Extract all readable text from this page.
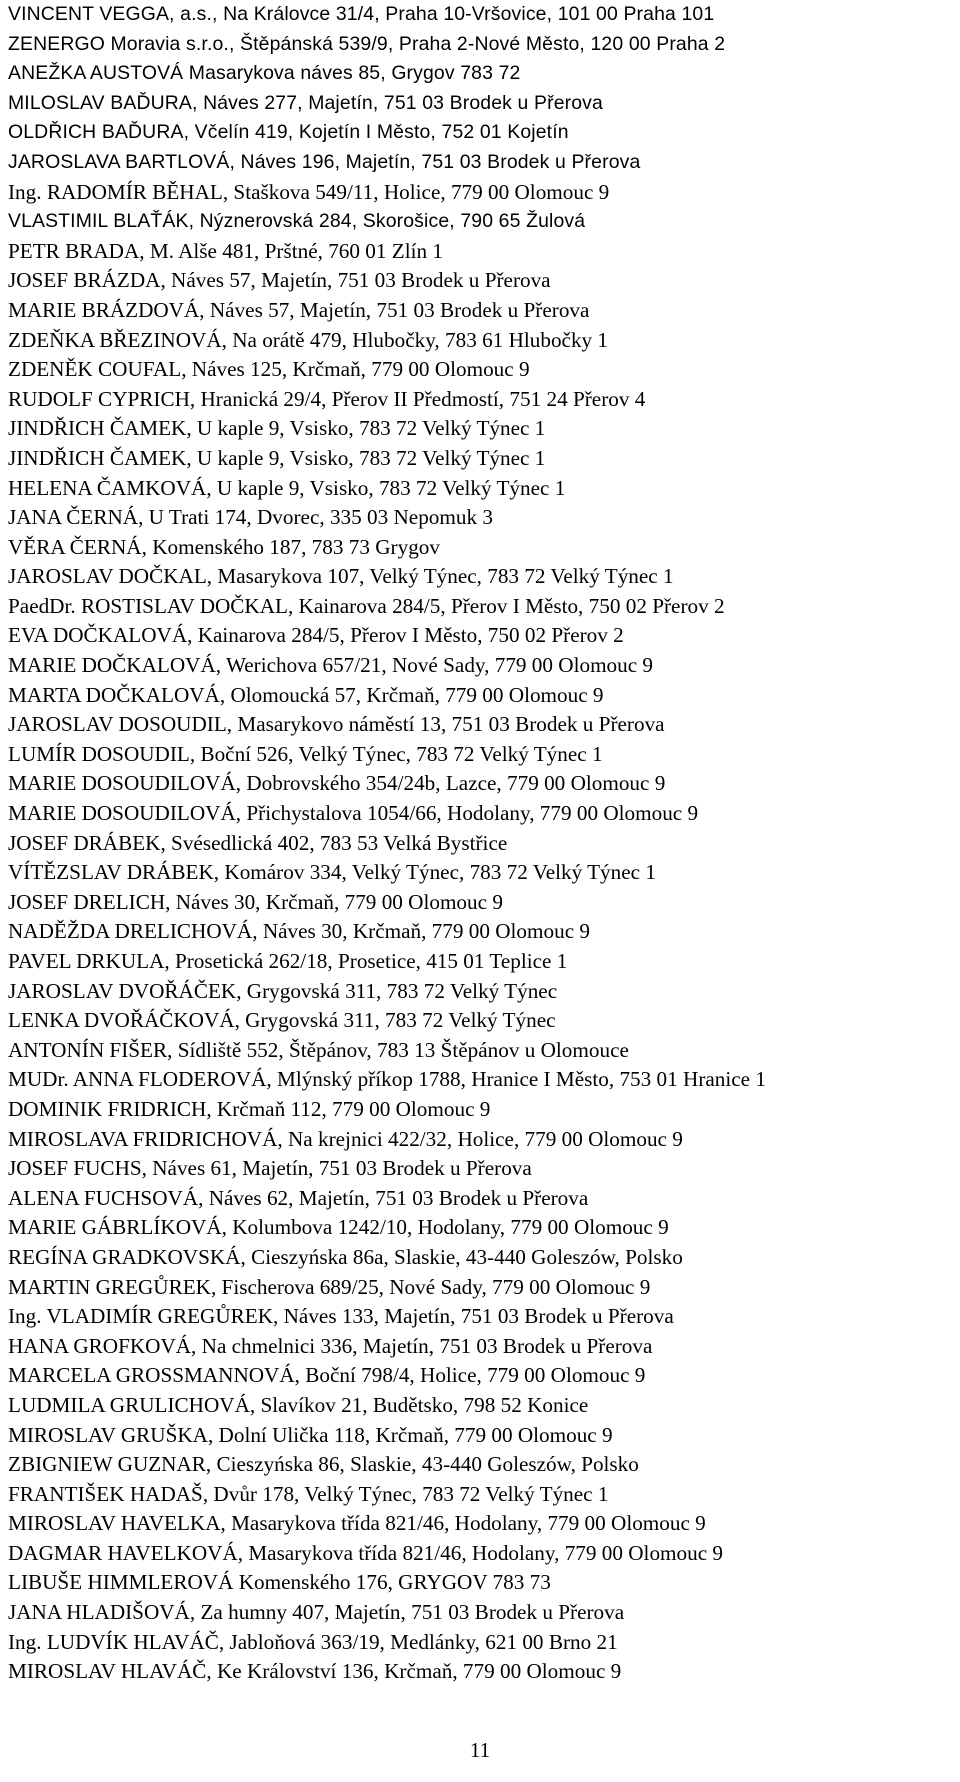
VINCENT VEGGA, a.s., Na Královce 31/4, Praha 10-Vršovice, 101 00 Praha 101
ZENERGO Moravia s.r.o., Štěpánská 539/9, Praha 2-Nové Město, 120 00 Praha 2
ANEŽKA AUSTOVÁ Masarykova náves 85, Grygov 783 72
MILOSLAV BAĎURA, Náves 277, Majetín, 751 03 Brodek u Přerova
OLDŘICH BAĎURA, Včelín 419, Kojetín I Město, 752 01 Kojetín
JAROSLAVA BARTLOVÁ, Náves 196, Majetín, 751 03 Brodek u Přerova
Ing. RADOMÍR BĚHAL, Staškova 549/11, Holice, 779 00 Olomouc 9
VLASTIMIL BLAŤÁK, Nýznerovská 284, Skorošice, 790 65 Žulová
PETR BRADA, M. Alše 481, Prštné, 760 01 Zlín 1
JOSEF BRÁZDA, Náves 57, Majetín, 751 03 Brodek u Přerova
MARIE BRÁZDOVÁ, Náves 57, Majetín, 751 03 Brodek u Přerova
ZDEŇKA BŘEZINOVÁ, Na orátě 479, Hlubočky, 783 61 Hlubočky 1
ZDENĚK COUFAL, Náves 125, Krčmaň, 779 00 Olomouc 9
RUDOLF CYPRICH, Hranická 29/4, Přerov II Předmostí, 751 24 Přerov 4
JINDŘICH ČAMEK, U kaple 9, Vsisko, 783 72 Velký Týnec 1
JINDŘICH ČAMEK, U kaple 9, Vsisko, 783 72 Velký Týnec 1
HELENA ČAMKOVÁ, U kaple 9, Vsisko, 783 72 Velký Týnec 1
JANA ČERNÁ, U Trati 174, Dvorec, 335 03 Nepomuk 3
VĚRA ČERNÁ, Komenského 187, 783 73 Grygov
JAROSLAV DOČKAL, Masarykova 107, Velký Týnec, 783 72 Velký Týnec 1
PaedDr. ROSTISLAV DOČKAL, Kainarova 284/5, Přerov I Město, 750 02 Přerov 2
EVA DOČKALOVÁ, Kainarova 284/5, Přerov I Město, 750 02 Přerov 2
MARIE DOČKALOVÁ, Werichova 657/21, Nové Sady, 779 00 Olomouc 9
MARTA DOČKALOVÁ, Olomoucká 57, Krčmaň, 779 00 Olomouc 9
JAROSLAV DOSOUDIL, Masarykovo náměstí 13, 751 03 Brodek u Přerova
LUMÍR DOSOUDIL, Boční 526, Velký Týnec, 783 72 Velký Týnec 1
MARIE DOSOUDILOVÁ, Dobrovského 354/24b, Lazce, 779 00 Olomouc 9
MARIE DOSOUDILOVÁ, Přichystalova 1054/66, Hodolany, 779 00 Olomouc 9
JOSEF DRÁBEK, Svésedlická 402, 783 53 Velká Bystřice
VÍTĚZSLAV DRÁBEK, Komárov 334, Velký Týnec, 783 72 Velký Týnec 1
JOSEF DRELICH, Náves 30, Krčmaň, 779 00 Olomouc 9
NADĚŽDA DRELICHOVÁ, Náves 30, Krčmaň, 779 00 Olomouc 9
PAVEL DRKULA, Prosetická 262/18, Prosetice, 415 01 Teplice 1
JAROSLAV DVOŘÁČEK, Grygovská 311, 783 72 Velký Týnec
LENKA DVOŘÁČKOVÁ, Grygovská 311, 783 72 Velký Týnec
ANTONÍN FIŠER, Sídliště 552, Štěpánov, 783 13 Štěpánov u Olomouce
MUDr. ANNA FLODEROVÁ, Mlýnský příkop 1788, Hranice I Město, 753 01 Hranice 1
DOMINIK FRIDRICH, Krčmaň 112, 779 00 Olomouc 9
MIROSLAVA FRIDRICHOVÁ, Na krejnici 422/32, Holice, 779 00 Olomouc 9
JOSEF FUCHS, Náves 61, Majetín, 751 03 Brodek u Přerova
ALENA FUCHSOVÁ, Náves 62, Majetín, 751 03 Brodek u Přerova
MARIE GÁBRLÍKOVÁ, Kolumbova 1242/10, Hodolany, 779 00 Olomouc 9
REGÍNA GRADKOVSKÁ, Cieszyńska 86a, Slaskie, 43-440 Goleszów, Polsko
MARTIN GREGŮREK, Fischerova 689/25, Nové Sady, 779 00 Olomouc 9
Ing. VLADIMÍR GREGŮREK, Náves 133, Majetín, 751 03 Brodek u Přerova
HANA GROFKOVÁ, Na chmelnici 336, Majetín, 751 03 Brodek u Přerova
MARCELA GROSSMANNOVÁ, Boční 798/4, Holice, 779 00 Olomouc 9
LUDMILA GRULICHOVÁ, Slavíkov 21, Budětsko, 798 52 Konice
MIROSLAV GRUŠKA, Dolní Ulička 118, Krčmaň, 779 00 Olomouc 9
ZBIGNIEW GUZNAR, Cieszyńska 86, Slaskie, 43-440 Goleszów, Polsko
FRANTIŠEK HADAŠ, Dvůr 178, Velký Týnec, 783 72 Velký Týnec 1
MIROSLAV HAVELKA, Masarykova třída 821/46, Hodolany, 779 00 Olomouc 9
DAGMAR HAVELKOVÁ, Masarykova třída 821/46, Hodolany, 779 00 Olomouc 9
LIBUŠE HIMMLEROVÁ Komenského 176, GRYGOV 783 73
JANA HLADIŠOVÁ, Za humny 407, Majetín, 751 03 Brodek u Přerova
Ing. LUDVÍK HLAVÁČ, Jabloňová 363/19, Medlánky, 621 00 Brno 21
MIROSLAV HLAVÁČ, Ke Království 136, Krčmaň, 779 00 Olomouc 9
11
